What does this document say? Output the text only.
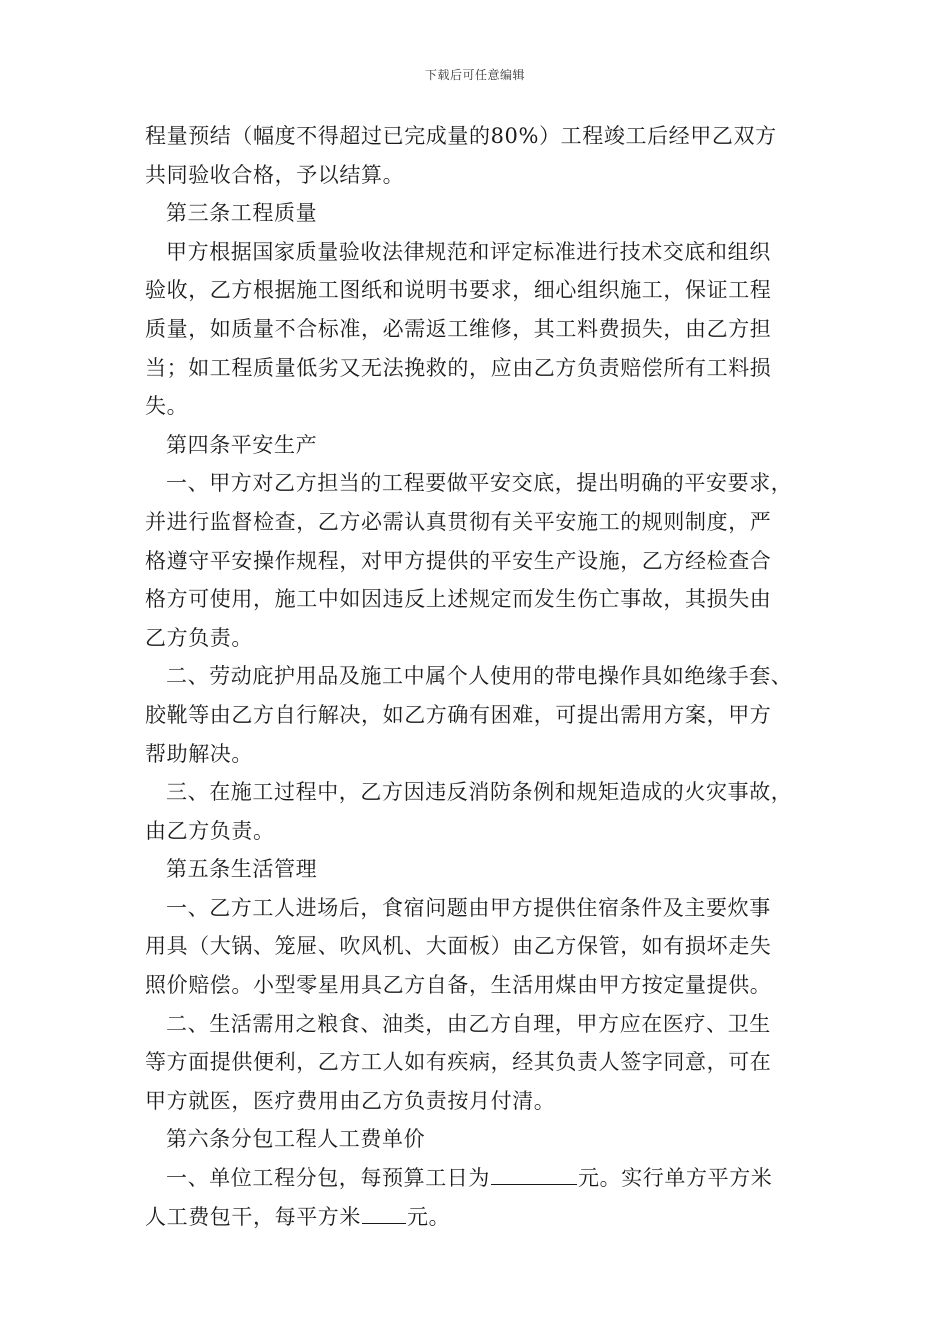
下载后可任意编辑
程量预结（幅度不得超过已完成量的80%）工程竣工后经甲乙双方
共同验收合格，予以结算。
第三条工程质量
甲方根据国家质量验收法律规范和评定标准进行技术交底和组织
验收，乙方根据施工图纸和说明书要求，细心组织施工，保证工程
质量，如质量不合标准，必需返工维修，其工料费损失，由乙方担
当；如工程质量低劣又无法挽救的，应由乙方负责赔偿所有工料损
失。
第四条平安生产
一、甲方对乙方担当的工程要做平安交底，提出明确的平安要求，
并进行监督检查，乙方必需认真贯彻有关平安施工的规则制度，严
格遵守平安操作规程，对甲方提供的平安生产设施，乙方经检查合
格方可使用，施工中如因违反上述规定而发生伤亡事故，其损失由
乙方负责。
二、劳动庇护用品及施工中属个人使用的带电操作具如绝缘手套、
胶靴等由乙方自行解决，如乙方确有困难，可提出需用方案，甲方
帮助解决。
三、在施工过程中，乙方因违反消防条例和规矩造成的火灾事故，
由乙方负责。
第五条生活管理
一、乙方工人进场后，食宿问题由甲方提供住宿条件及主要炊事
用具（大锅、笼屉、吹风机、大面板）由乙方保管，如有损坏走失
照价赔偿。小型零星用具乙方自备，生活用煤由甲方按定量提供。
二、生活需用之粮食、油类，由乙方自理，甲方应在医疗、卫生
等方面提供便利，乙方工人如有疾病，经其负责人签字同意，可在
甲方就医，医疗费用由乙方负责按月付清。
第六条分包工程人工费单价
一、单位工程分包，每预算工日为	元。实行单方平方米
人工费包干，每平方米 元。
